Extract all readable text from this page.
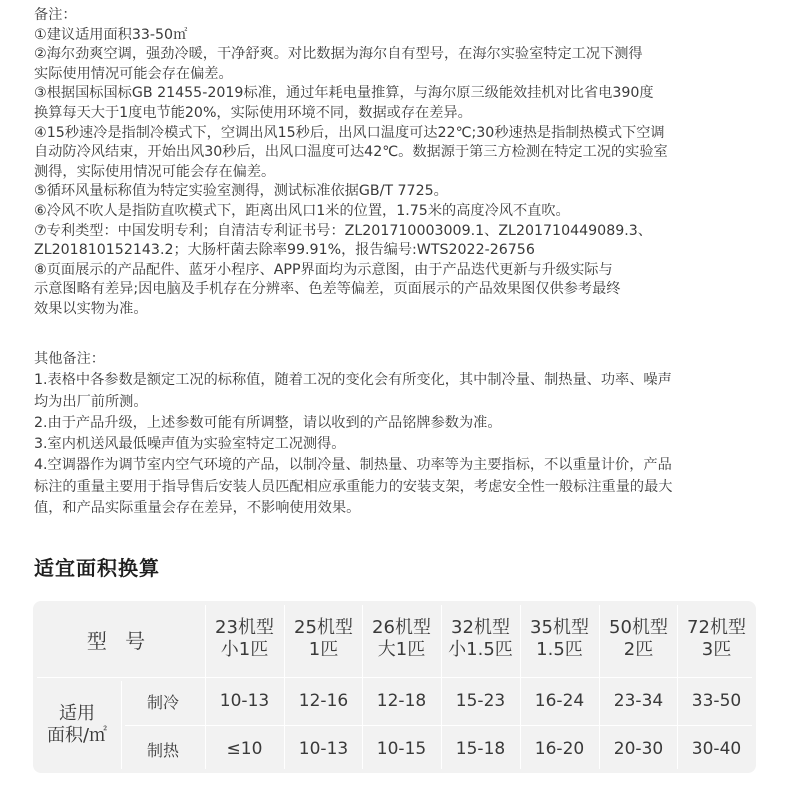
备注：
①建议适用面积33-50㎡
②海尔劲爽空调，强劲冷暖，干净舒爽。对比数据为海尔自有型号，在海尔实验室特定工况下测得
实际使用情况可能会存在偏差。
③根据国标国标GB 21455-2019标准，通过年耗电量推算，与海尔原三级能效挂机对比省电390度
换算每天大于1度电节能20%，实际使用环境不同，数据或存在差异。
④15秒速冷是指制冷模式下，空调出风15秒后，出风口温度可达22℃;30秒速热是指制热模式下空调
自动防冷风结束，开始出风30秒后，出风口温度可达42℃。数据源于第三方检测在特定工况的实验室
测得，实际使用情况可能会存在偏差。
⑤循环风量标称值为特定实验室测得，测试标准依据GB/T 7725。
⑥冷风不吹人是指防直吹模式下，距离出风口1米的位置，1.75米的高度冷风不直吹。
⑦专利类型：中国发明专利；自清洁专利证书号：ZL201710003009.1、ZL201710449089.3、
ZL201810152143.2；大肠杆菌去除率99.91%，报告编号:WTS2022-26756
⑧页面展示的产品配件、蓝牙小程序、APP界面均为示意图，由于产品迭代更新与升级实际与
示意图略有差异;因电脑及手机存在分辨率、色差等偏差，页面展示的产品效果图仅供参考最终
效果以实物为准。
其他备注：
1.表格中各参数是额定工况的标称值，随着工况的变化会有所变化，其中制冷量、制热量、功率、噪声
均为出厂前所测。
2.由于产品升级，上述参数可能有所调整，请以收到的产品铭牌参数为准。
3.室内机送风最低噪声值为实验室特定工况测得。
4.空调器作为调节室内空气环境的产品，以制冷量、制热量、功率等为主要指标，不以重量计价，产品
标注的重量主要用于指导售后安装人员匹配相应承重能力的安装支架，考虑安全性一般标注重量的最大
值，和产品实际重量会存在差异，不影响使用效果。
适宜面积换算
型 号
适用
面积/㎡
制冷
制热
23机型
小1匹
10-13
≤10
25机型
1匹
12-16
10-13
26机型
大1匹
12-18
10-15
32机型
小1.5匹
15-23
15-18
35机型
1.5匹
16-24
16-20
50机型
2匹
23-34
20-30
72机型
3匹
33-50
30-40
